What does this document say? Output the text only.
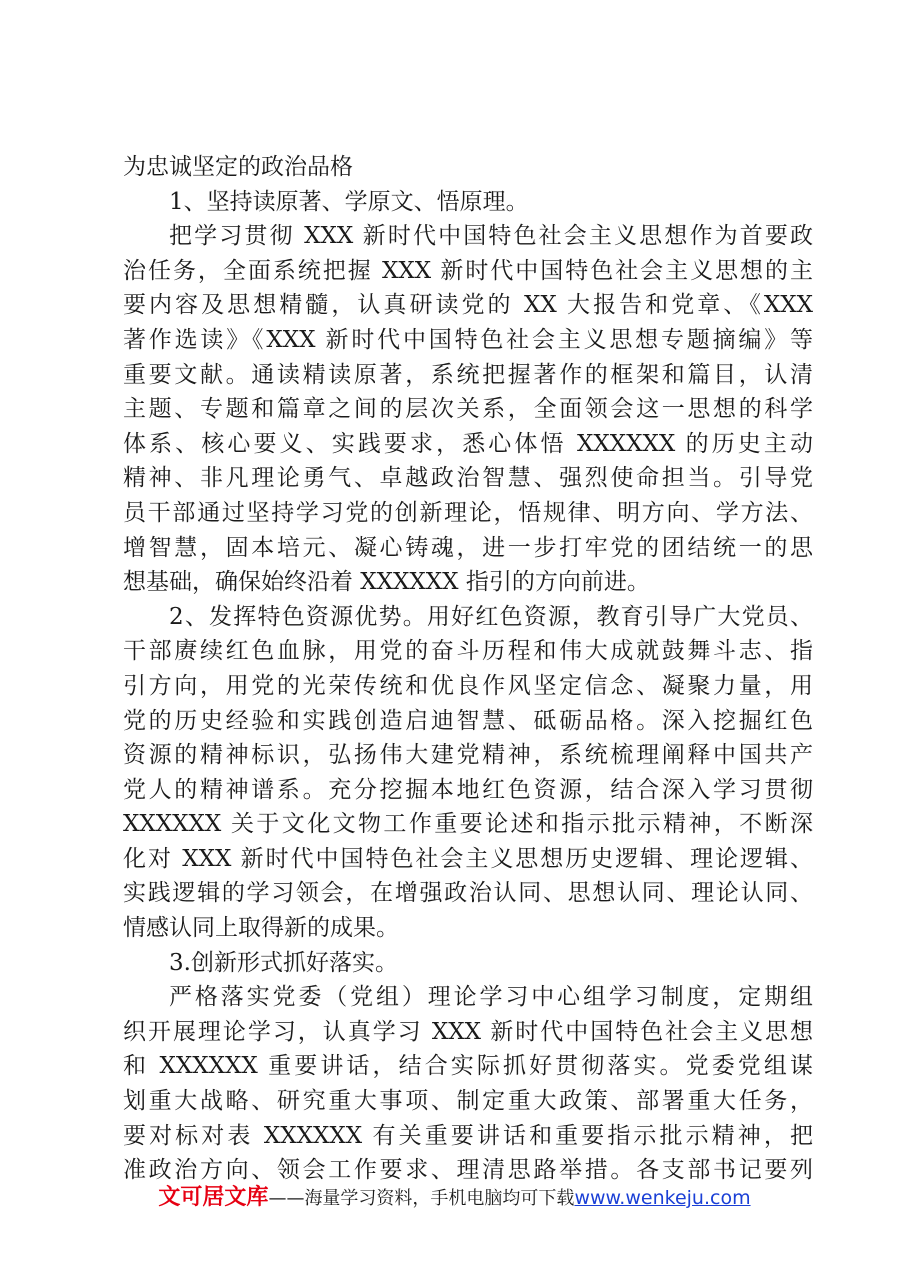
为忠诚坚定的政治品格
1、坚持读原著、学原文、悟原理。
把学习贯彻 XXX 新时代中国特色社会主义思想作为首要政
治任务，全面系统把握 XXX 新时代中国特色社会主义思想的主
要内容及思想精髓，认真研读党的 XX 大报告和党章、《XXX
著作选读》《XXX 新时代中国特色社会主义思想专题摘编》等
重要文献。通读精读原著，系统把握著作的框架和篇目，认清
主题、专题和篇章之间的层次关系，全面领会这一思想的科学
体系、核心要义、实践要求，悉心体悟 XXXXXX 的历史主动
精神、非凡理论勇气、卓越政治智慧、强烈使命担当。引导党
员干部通过坚持学习党的创新理论，悟规律、明方向、学方法、
增智慧，固本培元、凝心铸魂，进一步打牢党的团结统一的思
想基础，确保始终沿着 XXXXXX 指引的方向前进。
2、发挥特色资源优势。用好红色资源，教育引导广大党员、
干部赓续红色血脉，用党的奋斗历程和伟大成就鼓舞斗志、指
引方向，用党的光荣传统和优良作风坚定信念、凝聚力量，用
党的历史经验和实践创造启迪智慧、砥砺品格。深入挖掘红色
资源的精神标识，弘扬伟大建党精神，系统梳理阐释中国共产
党人的精神谱系。充分挖掘本地红色资源，结合深入学习贯彻
XXXXXX 关于文化文物工作重要论述和指示批示精神，不断深
化对 XXX 新时代中国特色社会主义思想历史逻辑、理论逻辑、
实践逻辑的学习领会，在增强政治认同、思想认同、理论认同、
情感认同上取得新的成果。
3.创新形式抓好落实。
严格落实党委（党组）理论学习中心组学习制度，定期组
织开展理论学习，认真学习 XXX 新时代中国特色社会主义思想
和 XXXXXX 重要讲话，结合实际抓好贯彻落实。党委党组谋
划重大战略、研究重大事项、制定重大政策、部署重大任务，
要对标对表 XXXXXX 有关重要讲话和重要指示批示精神，把
准政治方向、领会工作要求、理清思路举措。各支部书记要列
文可居文库——海量学习资料，手机电脑均可下载www.wenkeju.com
